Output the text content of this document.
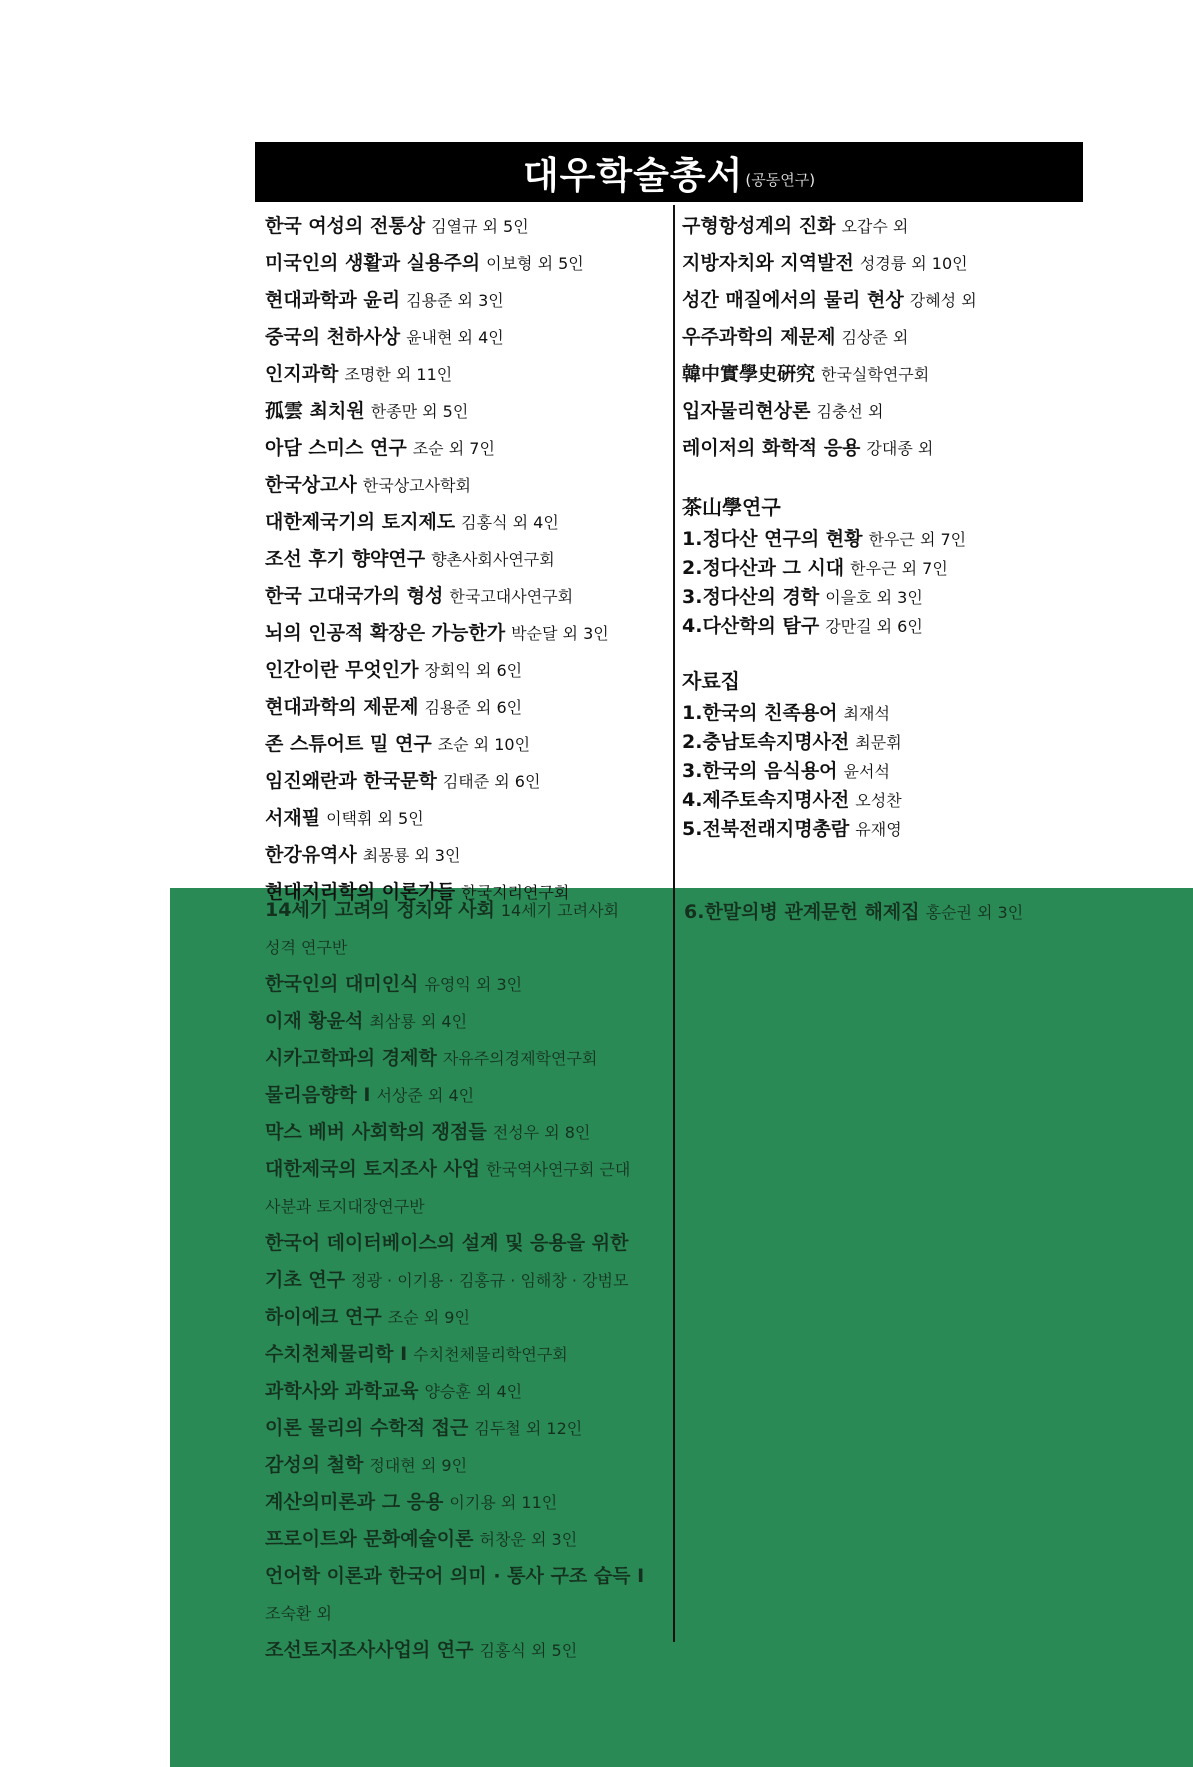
대우학술총서 (공동연구)
한국 여성의 전통상 김열규 외 5인
미국인의 생활과 실용주의 이보형 외 5인
현대과학과 윤리 김용준 외 3인
중국의 천하사상 윤내현 외 4인
인지과학 조명한 외 11인
孤雲 최치원 한종만 외 5인
아담 스미스 연구 조순 외 7인
한국상고사 한국상고사학회
대한제국기의 토지제도 김홍식 외 4인
조선 후기 향약연구 향촌사회사연구회
한국 고대국가의 형성 한국고대사연구회
뇌의 인공적 확장은 가능한가 박순달 외 3인
인간이란 무엇인가 장회익 외 6인
현대과학의 제문제 김용준 외 6인
존 스튜어트 밀 연구 조순 외 10인
임진왜란과 한국문학 김태준 외 6인
서재필 이택휘 외 5인
한강유역사 최몽룡 외 3인
현대지리학의 이론가들 한국지리연구회
14세기 고려의 정치와 사회 14세기 고려사회
성격 연구반
한국인의 대미인식 유영익 외 3인
이재 황윤석 최삼룡 외 4인
시카고학파의 경제학 자유주의경제학연구회
물리음향학 I 서상준 외 4인
막스 베버 사회학의 쟁점들 전성우 외 8인
대한제국의 토지조사 사업 한국역사연구회 근대
사분과 토지대장연구반
한국어 데이터베이스의 설계 및 응용을 위한
기초 연구 정광 · 이기용 · 김홍규 · 임해창 · 강범모
하이에크 연구 조순 외 9인
수치천체물리학 I 수치천체물리학연구회
과학사와 과학교육 양승훈 외 4인
이론 물리의 수학적 접근 김두철 외 12인
감성의 철학 정대현 외 9인
계산의미론과 그 응용 이기용 외 11인
프로이트와 문화예술이론 허창운 외 3인
언어학 이론과 한국어 의미 · 통사 구조 습득 I
조숙환 외
조선토지조사사업의 연구 김홍식 외 5인
구형항성계의 진화 오갑수 외
지방자치와 지역발전 성경륭 외 10인
성간 매질에서의 물리 현상 강혜성 외
우주과학의 제문제 김상준 외
韓中實學史硏究 한국실학연구회
입자물리현상론 김충선 외
레이저의 화학적 응용 강대종 외
茶山學연구
1.정다산 연구의 현황 한우근 외 7인
2.정다산과 그 시대 한우근 외 7인
3.정다산의 경학 이을호 외 3인
4.다산학의 탐구 강만길 외 6인
자료집
1.한국의 친족용어 최재석
2.충남토속지명사전 최문휘
3.한국의 음식용어 윤서석
4.제주토속지명사전 오성찬
5.전북전래지명총람 유재영
6.한말의병 관계문헌 해제집 홍순권 외 3인
